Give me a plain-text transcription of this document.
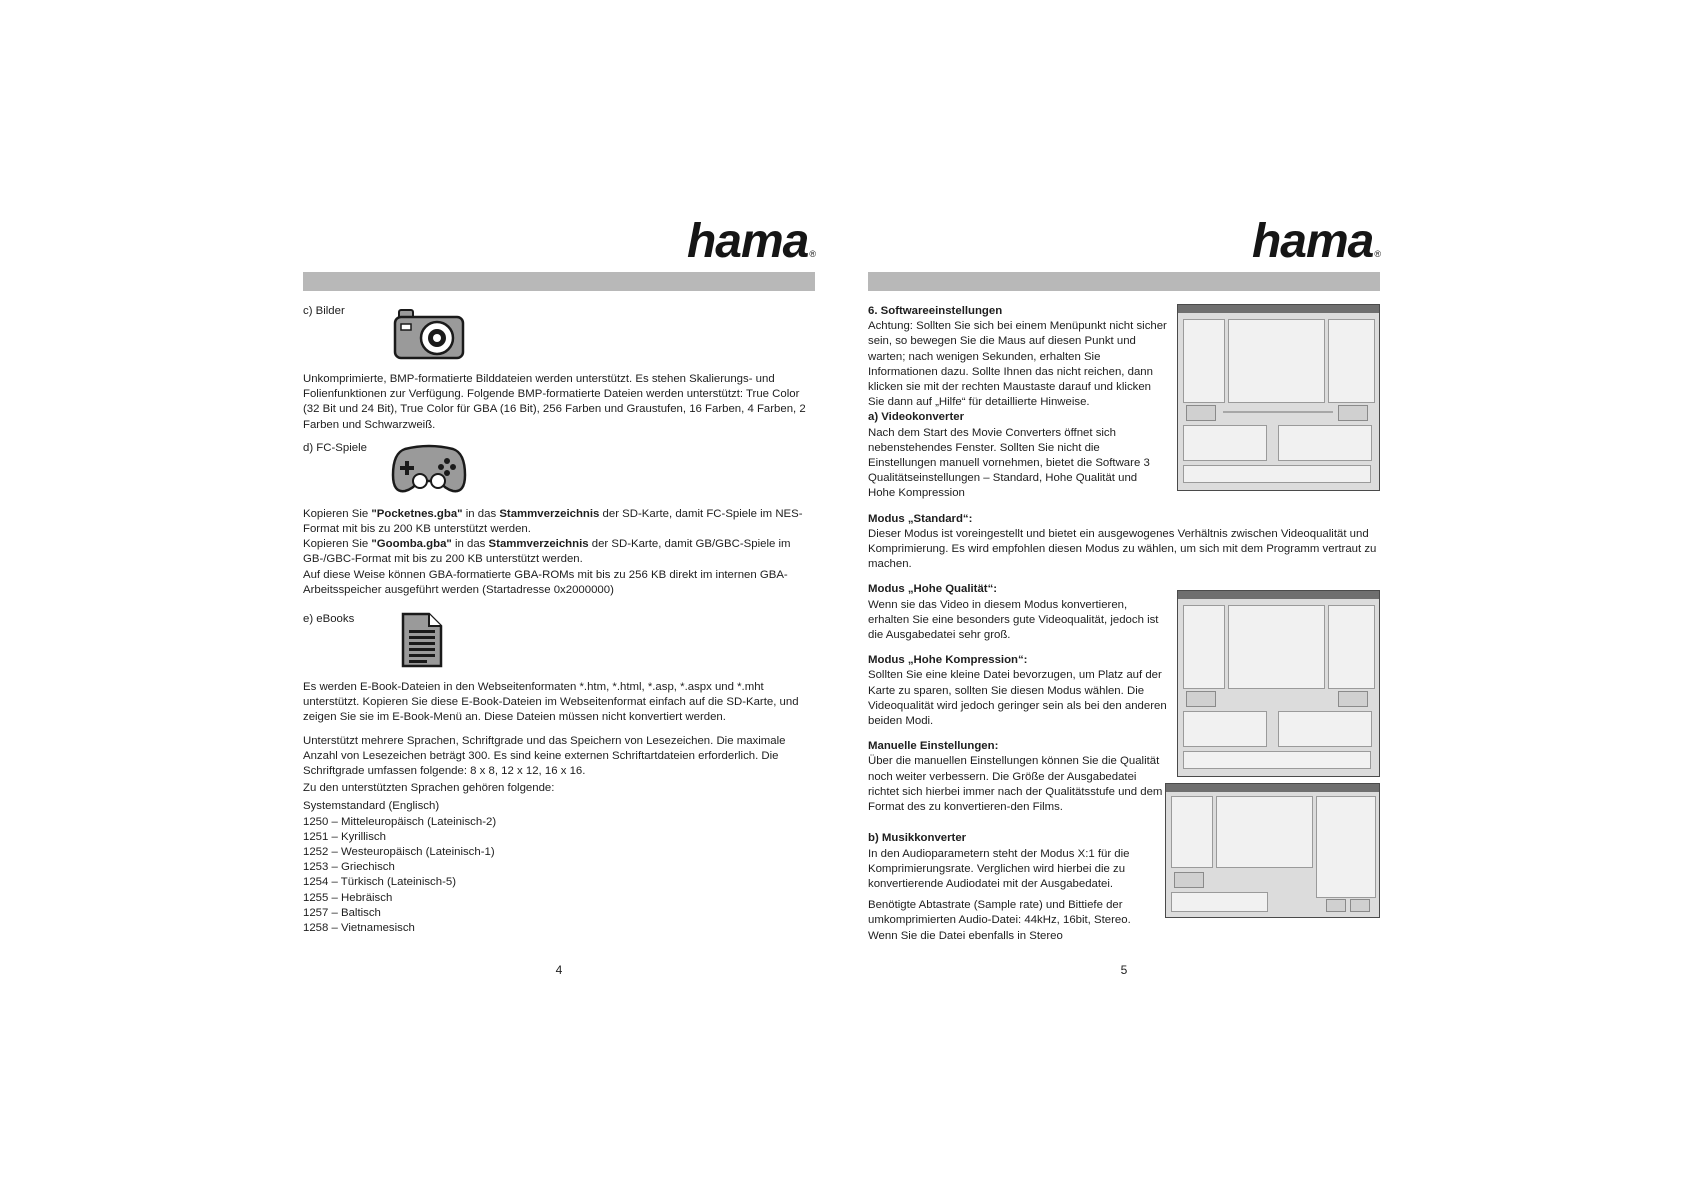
hama®
c) Bilder

Unkomprimierte, BMP-formatierte Bilddateien werden unterstützt. Es stehen Skalierungs- und Folienfunktionen zur Verfügung. Folgende BMP-formatierte Dateien werden unterstützt: True Color (32 Bit und 24 Bit), True Color für GBA (16 Bit), 256 Farben und Graustufen, 16 Farben, 4 Farben, 2 Farben und Schwarzweiß.

d) FC-Spiele

Kopieren Sie "Pocketnes.gba" in das Stammverzeichnis der SD-Karte, damit FC-Spiele im NES-Format mit bis zu 200 KB unterstützt werden.
Kopieren Sie "Goomba.gba" in das Stammverzeichnis der SD-Karte, damit GB/GBC-Spiele im GB-/GBC-Format mit bis zu 200 KB unterstützt werden.
Auf diese Weise können GBA-formatierte GBA-ROMs mit bis zu 256 KB direkt im internen GBA-Arbeitsspeicher ausgeführt werden (Startadresse 0x2000000)

e) eBooks

Es werden E-Book-Dateien in den Webseitenformaten *.htm, *.html, *.asp, *.aspx und *.mht unterstützt. Kopieren Sie diese E-Book-Dateien im Webseitenformat einfach auf die SD-Karte, und zeigen Sie sie im E-Book-Menü an. Diese Dateien müssen nicht konvertiert werden.

Unterstützt mehrere Sprachen, Schriftgrade und das Speichern von Lesezeichen. Die maximale Anzahl von Lesezeichen beträgt 300. Es sind keine externen Schriftartdateien erforderlich. Die Schriftgrade umfassen folgende: 8 x 8, 12 x 12, 16 x 16.

Zu den unterstützten Sprachen gehören folgende:

Systemstandard (Englisch)
1250 – Mitteleuropäisch (Lateinisch-2)
1251 – Kyrillisch
1252 – Westeuropäisch (Lateinisch-1)
1253 – Griechisch
1254 – Türkisch (Lateinisch-5)
1255 – Hebräisch
1257 – Baltisch
1258 – Vietnamesisch
4
hama®
6. Softwareeinstellungen

Achtung: Sollten Sie sich bei einem Menüpunkt nicht sicher sein, so bewegen Sie die Maus auf diesen Punkt und warten; nach wenigen Sekunden, erhalten Sie Informationen dazu. Sollte Ihnen das nicht reichen, dann klicken sie mit der rechten Maustaste darauf und klicken Sie dann auf „Hilfe“ für detaillierte Hinweise.

a) Videokonverter

Nach dem Start des Movie Converters öffnet sich nebenstehendes Fenster. Sollten Sie nicht die Einstellungen manuell vornehmen, bietet die Software 3 Qualitätseinstellungen – Standard, Hohe Qualität und Hohe Kompression

Modus „Standard“:

Dieser Modus ist voreingestellt und bietet ein ausgewogenes Verhältnis zwischen Videoqualität und Komprimierung. Es wird empfohlen diesen Modus zu wählen, um sich mit dem Programm vertraut zu machen.

Modus „Hohe Qualität“:

Wenn sie das Video in diesem Modus konvertieren, erhalten Sie eine besonders gute Videoqualität, jedoch ist die Ausgabedatei sehr groß.

Modus „Hohe Kompression“:

Sollten Sie eine kleine Datei bevorzugen, um Platz auf der Karte zu sparen, sollten Sie diesen Modus wählen. Die Videoqualität wird jedoch geringer sein als bei den anderen beiden Modi.

Manuelle Einstellungen:

Über die manuellen Einstellungen können Sie die Qualität noch weiter verbessern. Die Größe der Ausgabedatei richtet sich hierbei immer nach der Qualitätsstufe und dem Format des zu konvertieren-den Films.

b) Musikkonverter

In den Audioparametern steht der Modus X:1 für die Komprimierungsrate. Verglichen wird hierbei die zu konvertierende Audiodatei mit der Ausgabedatei.

Benötigte Abtastrate (Sample rate) und Bittiefe der umkomprimierten Audio-Datei: 44kHz, 16bit, Stereo. Wenn Sie die Datei ebenfalls in Stereo

5
